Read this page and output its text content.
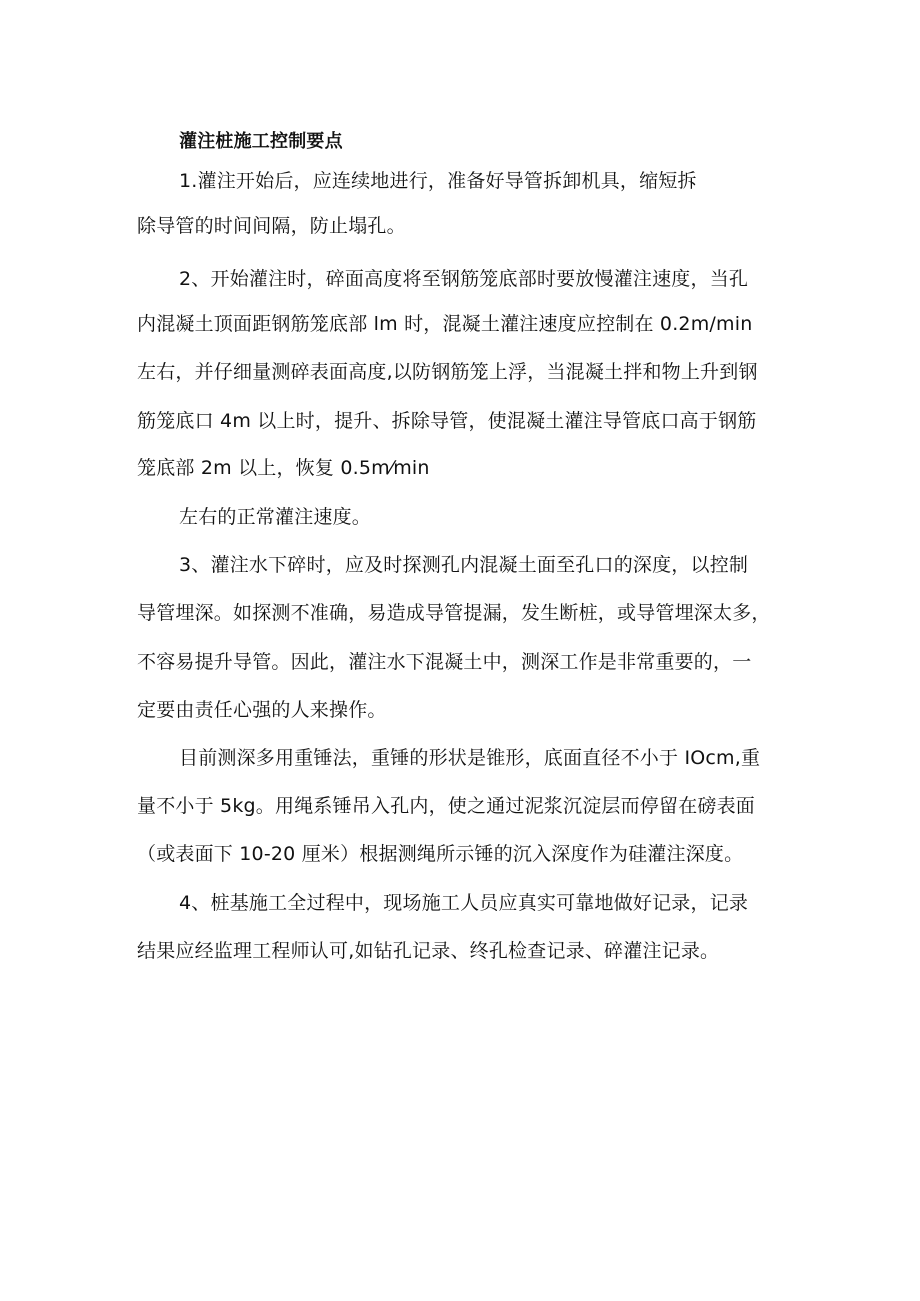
灌注桩施工控制要点
1.灌注开始后，应连续地进行，准备好导管拆卸机具，缩短拆
除导管的时间间隔，防止塌孔。
2、开始灌注时，碎面高度将至钢筋笼底部时要放慢灌注速度，当孔
内混凝土顶面距钢筋笼底部 lm 时，混凝土灌注速度应控制在 0.2m/min
左右，并仔细量测碎表面高度,以防钢筋笼上浮，当混凝土拌和物上升到钢
筋笼底口 4m 以上时，提升、拆除导管，使混凝土灌注导管底口高于钢筋
笼底部 2m 以上，恢复 0.5m⁄min
左右的正常灌注速度。
3、灌注水下碎时，应及时探测孔内混凝土面至孔口的深度，以控制
导管埋深。如探测不准确，易造成导管提漏，发生断桩，或导管埋深太多，
不容易提升导管。因此，灌注水下混凝土中，测深工作是非常重要的，一
定要由责任心强的人来操作。
目前测深多用重锤法，重锤的形状是锥形，底面直径不小于 IOcm,重
量不小于 5kg。用绳系锤吊入孔内，使之通过泥浆沉淀层而停留在磅表面
（或表面下 10-20 厘米）根据测绳所示锤的沉入深度作为硅灌注深度。
4、桩基施工全过程中，现场施工人员应真实可靠地做好记录，记录
结果应经监理工程师认可,如钻孔记录、终孔检查记录、碎灌注记录。
